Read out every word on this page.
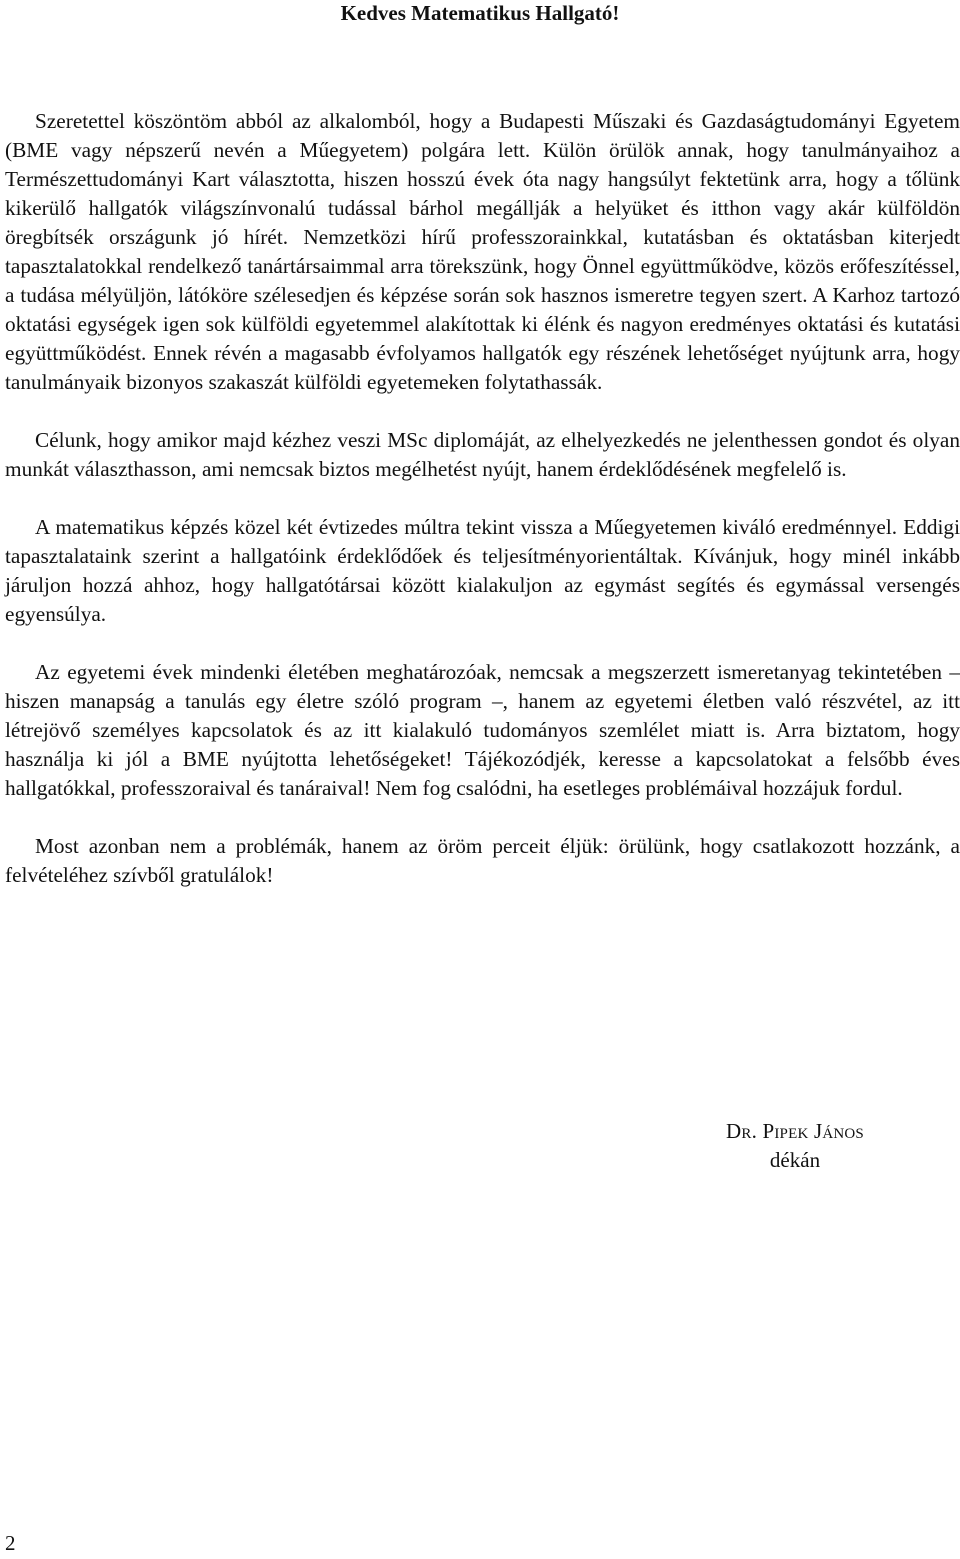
Kedves Matematikus Hallgató!

Szeretettel köszöntöm abból az alkalomból, hogy a Budapesti Műszaki és Gazdaságtudományi Egyetem (BME vagy népszerű nevén a Műegyetem) polgára lett. Külön örülök annak, hogy tanulmányaihoz a Természettudományi Kart választotta, hiszen hosszú évek óta nagy hangsúlyt fektetünk arra, hogy a tőlünk kikerülő hallgatók világszínvonalú tudással bárhol megállják a helyüket és itthon vagy akár külföldön öregbítsék országunk jó hírét. Nemzetközi hírű professzorainkkal, kutatásban és oktatásban kiterjedt tapasztalatokkal rendelkező tanártársaimmal arra törekszünk, hogy Önnel együttműködve, közös erőfeszítéssel, a tudása mélyüljön, látóköre szélesedjen és képzése során sok hasznos ismeretre tegyen szert. A Karhoz tartozó oktatási egységek igen sok külföldi egyetemmel alakítottak ki élénk és nagyon eredményes oktatási és kutatási együttműködést. Ennek révén a magasabb évfolyamos hallgatók egy részének lehetőséget nyújtunk arra, hogy tanulmányaik bizonyos szakaszát külföldi egyetemeken folytathassák.

Célunk, hogy amikor majd kézhez veszi MSc diplomáját, az elhelyezkedés ne jelenthessen gondot és olyan munkát választhasson, ami nemcsak biztos megélhetést nyújt, hanem érdeklődésének megfelelő is.

A matematikus képzés közel két évtizedes múltra tekint vissza a Műegyetemen kiváló eredménnyel. Eddigi tapasztalataink szerint a hallgatóink érdeklődőek és teljesítményorientáltak. Kívánjuk, hogy minél inkább járuljon hozzá ahhoz, hogy hallgatótársai között kialakuljon az egymást segítés és egymással versengés egyensúlya.

Az egyetemi évek mindenki életében meghatározóak, nemcsak a megszerzett ismeretanyag tekintetében – hiszen manapság a tanulás egy életre szóló program –, hanem az egyetemi életben való részvétel, az itt létrejövő személyes kapcsolatok és az itt kialakuló tudományos szemlélet miatt is. Arra biztatom, hogy használja ki jól a BME nyújtotta lehetőségeket! Tájékozódjék, keresse a kapcsolatokat a felsőbb éves hallgatókkal, professzoraival és tanáraival! Nem fog csalódni, ha esetleges problémáival hozzájuk fordul.

Most azonban nem a problémák, hanem az öröm perceit éljük: örülünk, hogy csatlakozott hozzánk, a felvételéhez szívből gratulálok!

Dr. Pipek János
dékán
2
